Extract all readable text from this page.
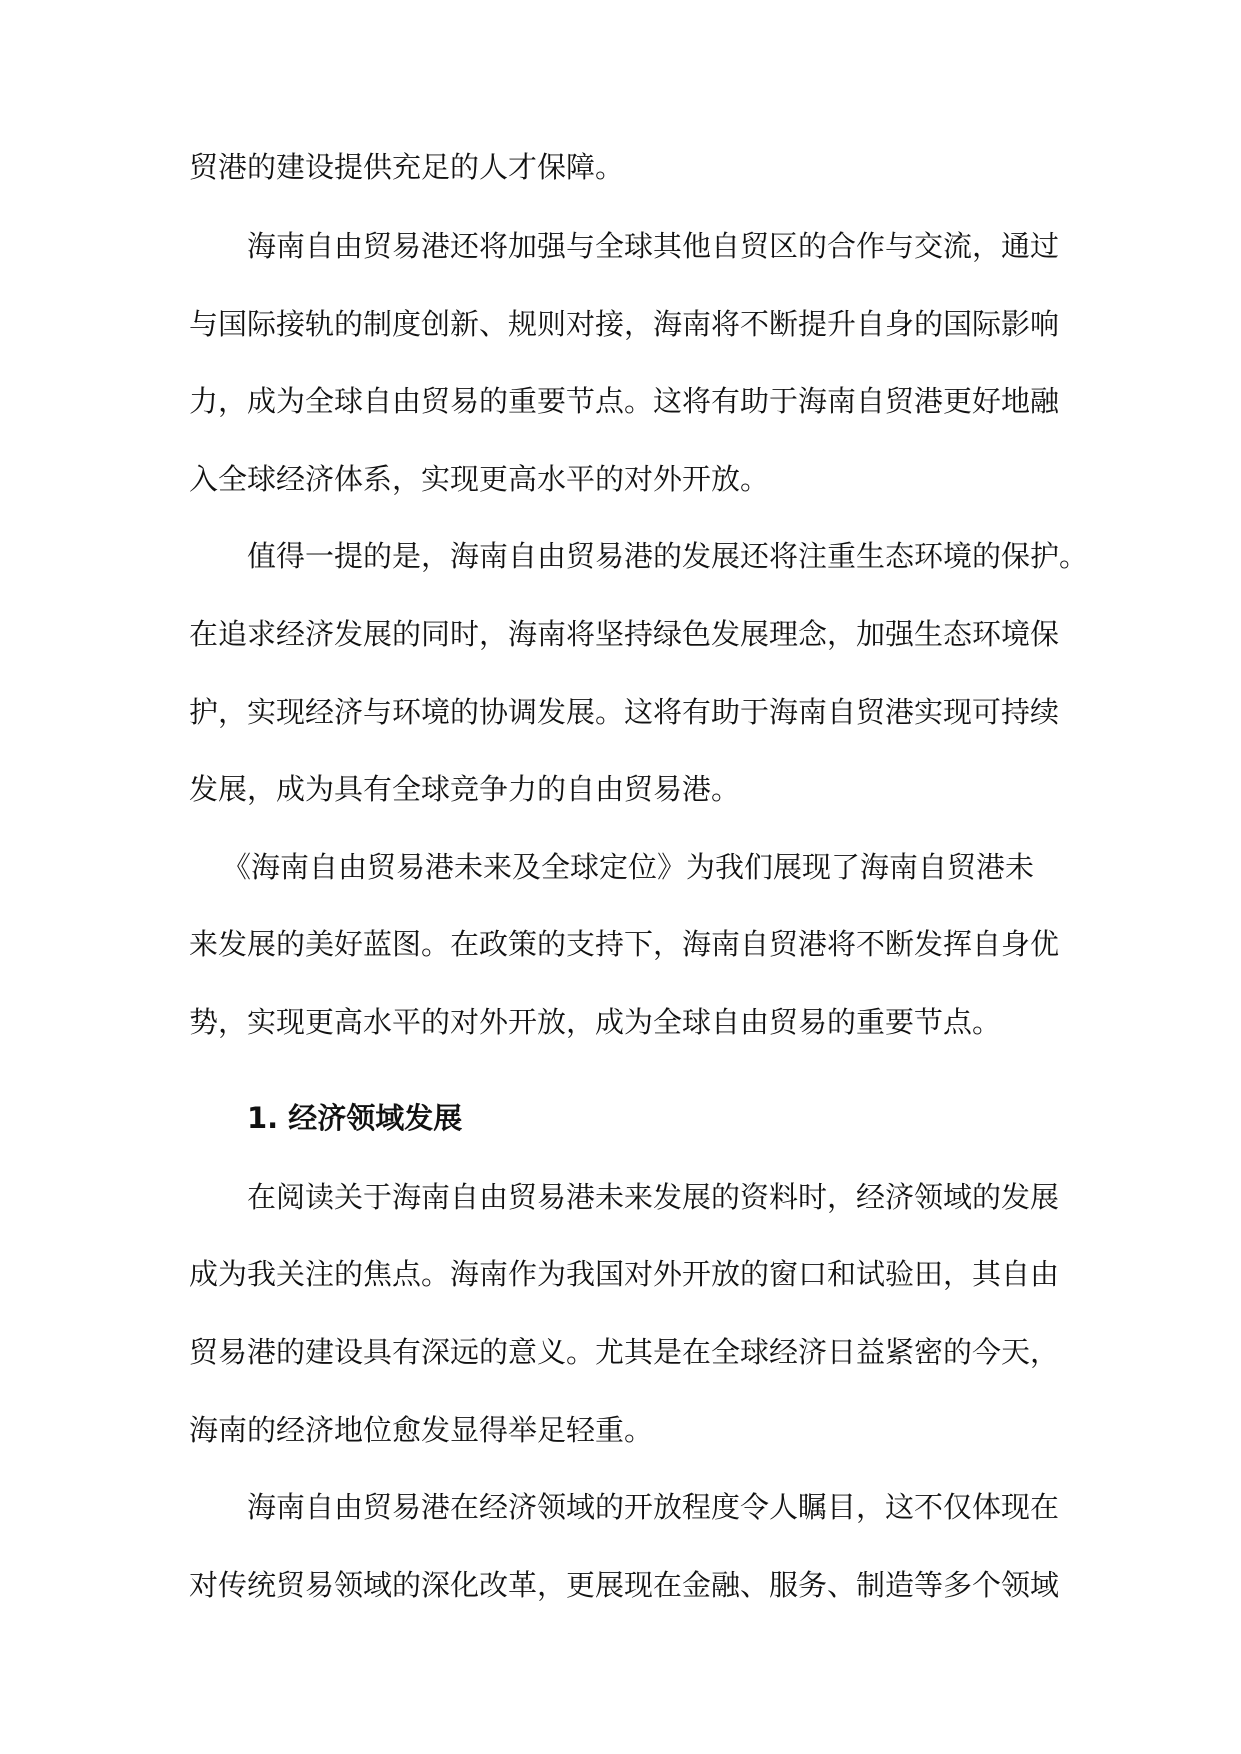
贸港的建设提供充足的人才保障。

海南自由贸易港还将加强与全球其他自贸区的合作与交流，通过

与国际接轨的制度创新、规则对接，海南将不断提升自身的国际影响

力，成为全球自由贸易的重要节点。这将有助于海南自贸港更好地融

入全球经济体系，实现更高水平的对外开放。

值得一提的是，海南自由贸易港的发展还将注重生态环境的保护。

在追求经济发展的同时，海南将坚持绿色发展理念，加强生态环境保

护，实现经济与环境的协调发展。这将有助于海南自贸港实现可持续

发展，成为具有全球竞争力的自由贸易港。

《海南自由贸易港未来及全球定位》为我们展现了海南自贸港未

来发展的美好蓝图。在政策的支持下，海南自贸港将不断发挥自身优

势，实现更高水平的对外开放，成为全球自由贸易的重要节点。

1. 经济领域发展

在阅读关于海南自由贸易港未来发展的资料时，经济领域的发展

成为我关注的焦点。海南作为我国对外开放的窗口和试验田，其自由

贸易港的建设具有深远的意义。尤其是在全球经济日益紧密的今天，

海南的经济地位愈发显得举足轻重。

海南自由贸易港在经济领域的开放程度令人瞩目，这不仅体现在

对传统贸易领域的深化改革，更展现在金融、服务、制造等多个领域
